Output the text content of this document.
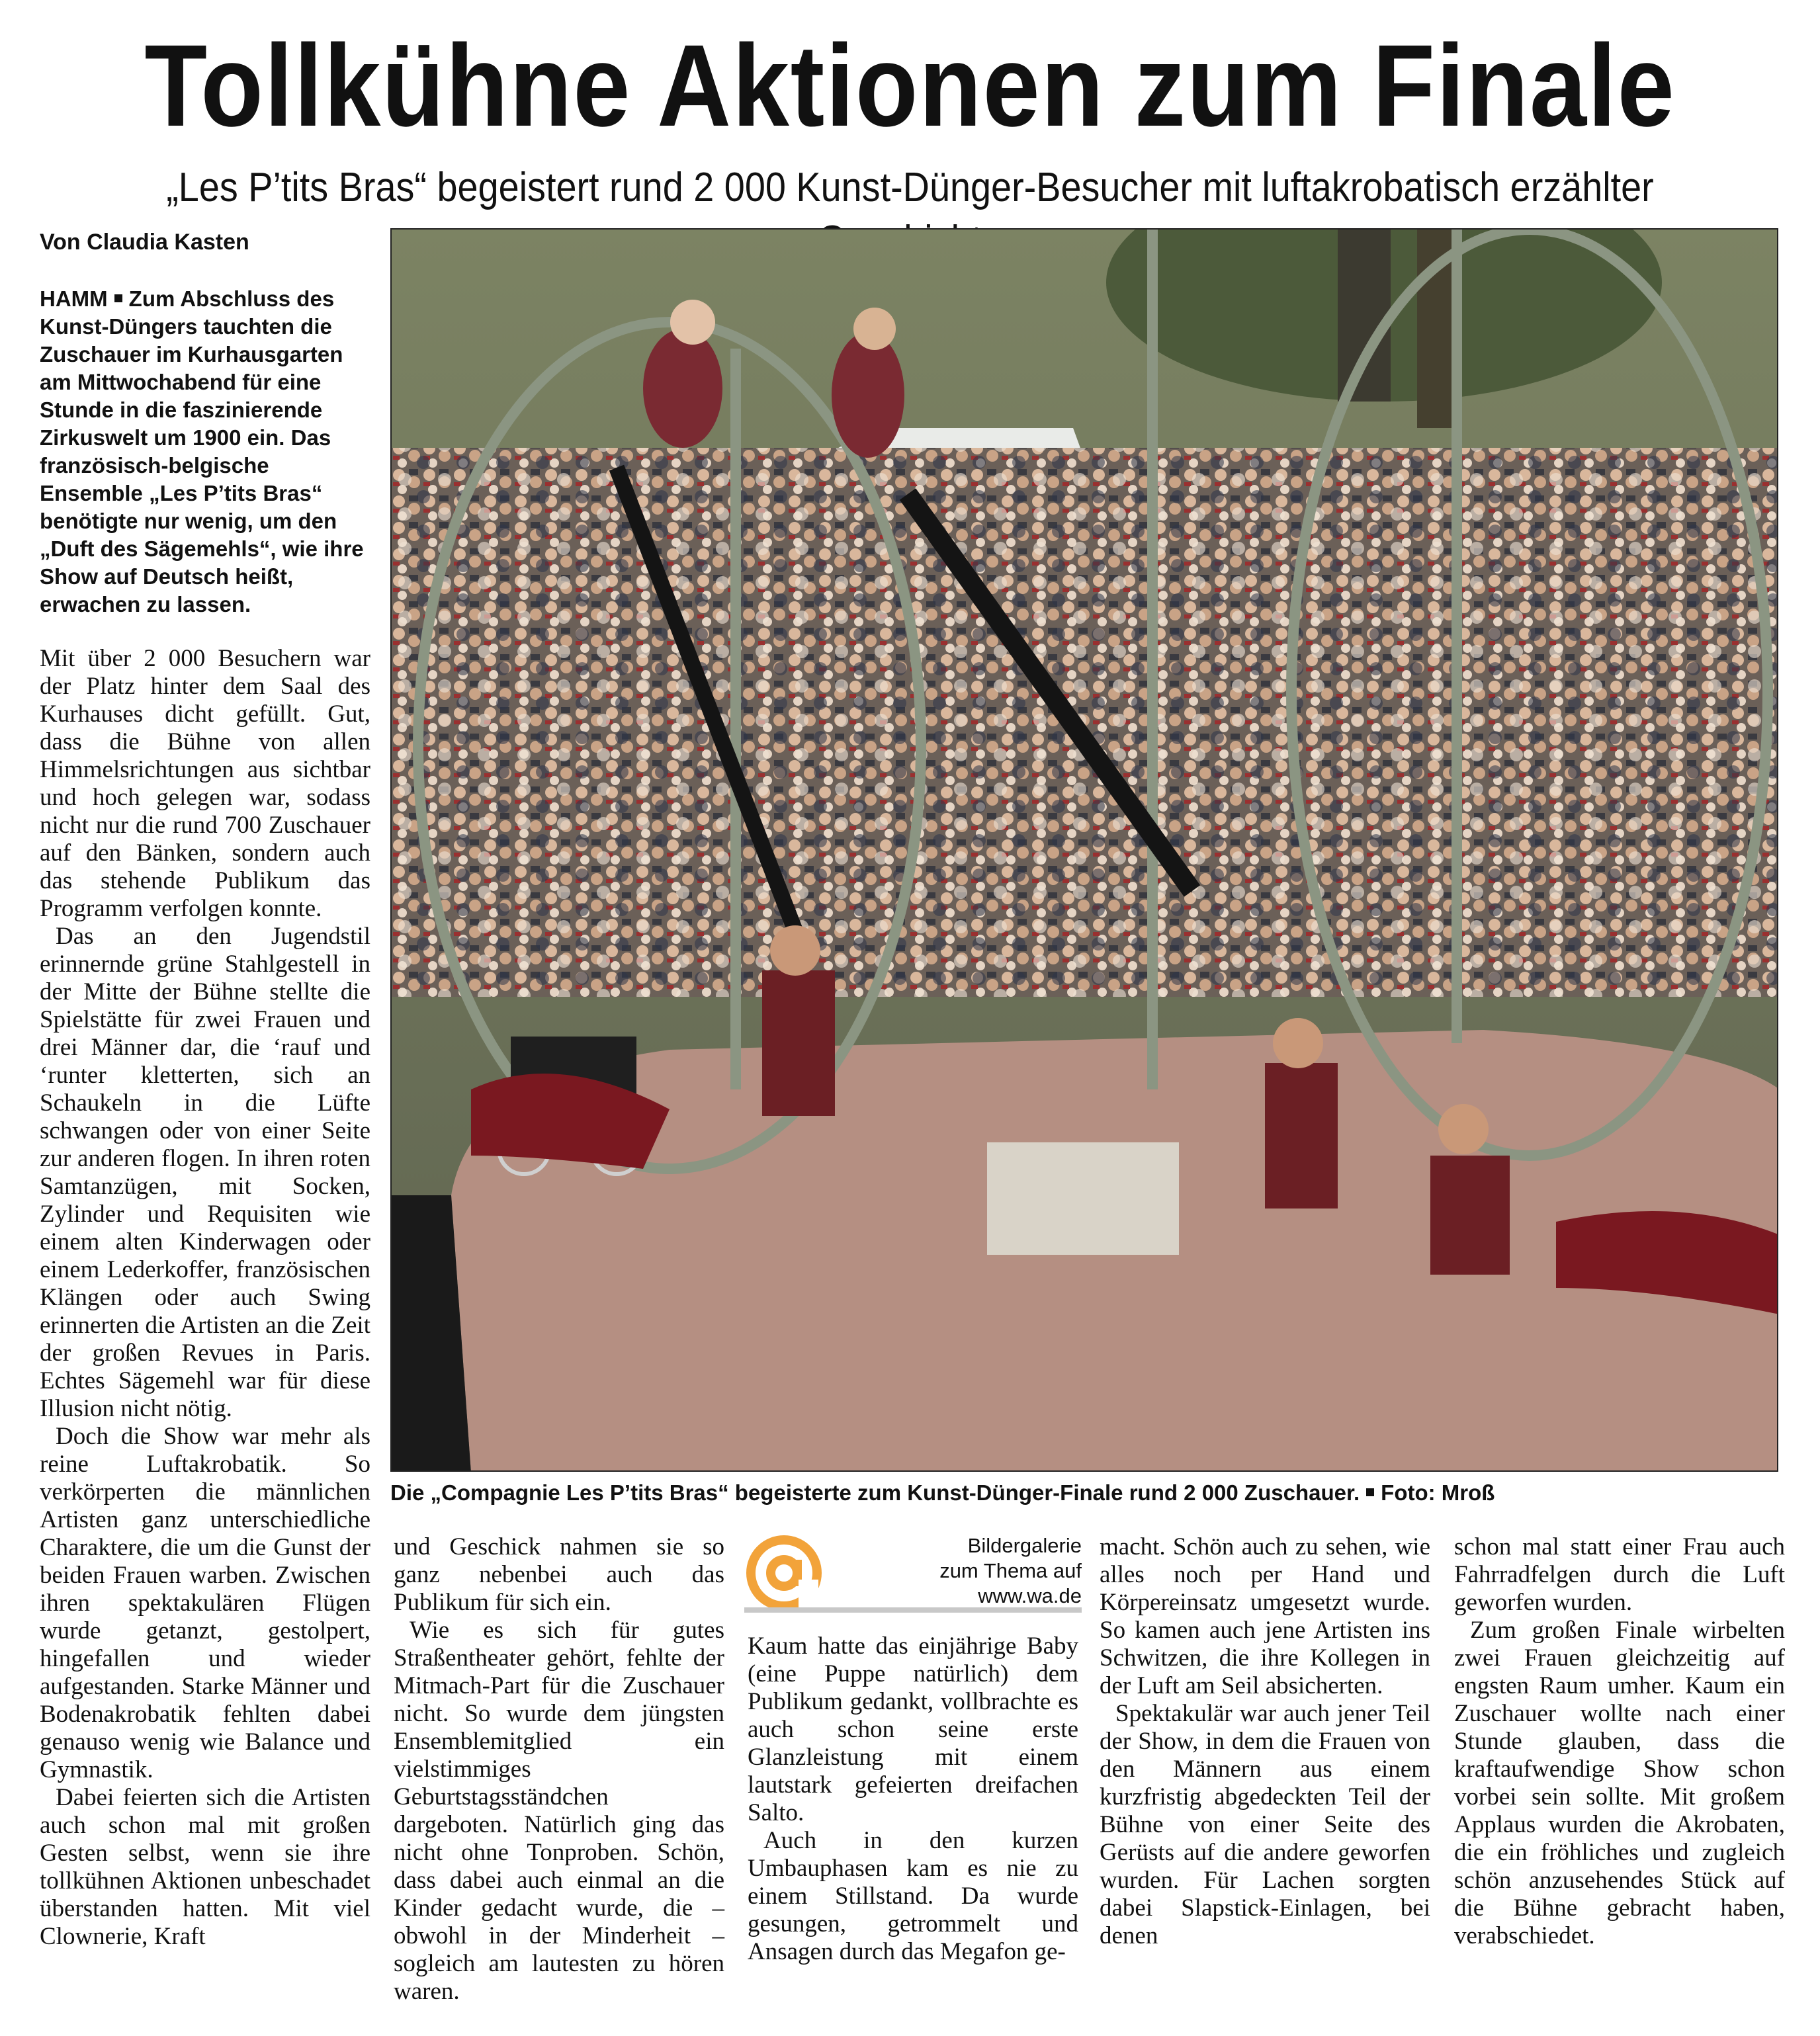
Tollkühne Aktionen zum Finale
„Les P’tits Bras“ begeistert rund 2 000 Kunst-Dünger-Besucher mit luftakrobatisch erzählter
Von Claudia Kasten

HAMM Zum Abschluss des Kunst-Düngers tauchten die Zuschauer im Kurhausgarten am Mittwochabend für eine Stunde in die faszinierende Zirkuswelt um 1900 ein. Das französisch-belgische Ensemble „Les P’tits Bras“ benötigte nur wenig, um den „Duft des Sägemehls“, wie ihre Show auf Deutsch heißt, erwachen zu lassen.

Mit über 2 000 Besuchern war der Platz hinter dem Saal des Kurhauses dicht gefüllt. Gut, dass die Bühne von allen Himmelsrichtungen aus sichtbar und hoch gelegen war, sodass nicht nur die rund 700 Zuschauer auf den Bänken, sondern auch das stehende Publikum das Programm verfolgen konnte.

Das an den Jugendstil erinnernde grüne Stahlgestell in der Mitte der Bühne stellte die Spielstätte für zwei Frauen und drei Männer dar, die ‘rauf und ‘runter kletterten, sich an Schaukeln in die Lüfte schwangen oder von einer Seite zur anderen flogen. In ihren roten Samtanzügen, mit Socken, Zylinder und Requisiten wie einem alten Kinderwagen oder einem Lederkoffer, französischen Klängen oder auch Swing erinnerten die Artisten an die Zeit der großen Revues in Paris. Echtes Sägemehl war für diese Illusion nicht nötig.

Doch die Show war mehr als reine Luftakrobatik. So verkörperten die männlichen Artisten ganz unterschiedliche Charaktere, die um die Gunst der beiden Frauen warben. Zwischen ihren spektakulären Flügen wurde getanzt, gestolpert, hingefallen und wieder aufgestanden. Starke Männer und Bodenakrobatik fehlten dabei genauso wenig wie Balance und Gymnastik.

Dabei feierten sich die Artisten auch schon mal mit großen Gesten selbst, wenn sie ihre tollkühnen Aktionen unbeschadet überstanden hatten. Mit viel Clownerie, Kraft

Die „Compagnie Les P’tits Bras“ begeisterte zum Kunst-Dünger-Finale rund 2 000 Zuschauer. Foto: Mroß

und Geschick nahmen sie so ganz nebenbei auch das Publikum für sich ein.

Wie es sich für gutes Straßentheater gehört, fehlte der Mitmach-Part für die Zuschauer nicht. So wurde dem jüngsten Ensemblemitglied ein vielstimmiges Geburtstagsständchen dargeboten. Natürlich ging das nicht ohne Tonproben. Schön, dass dabei auch einmal an die Kinder gedacht wurde, die – obwohl in der Minderheit – sogleich am lautesten zu hören waren.

Bildergalerie
zum Thema auf
www.wa.de

Kaum hatte das einjährige Baby (eine Puppe natürlich) dem Publikum gedankt, vollbrachte es auch schon seine erste Glanzleistung mit einem lautstark gefeierten dreifachen Salto.

Auch in den kurzen Umbauphasen kam es nie zu einem Stillstand. Da wurde gesungen, getrommelt und Ansagen durch das Megafon ge-

macht. Schön auch zu sehen, wie alles noch per Hand und Körpereinsatz umgesetzt wurde. So kamen auch jene Artisten ins Schwitzen, die ihre Kollegen in der Luft am Seil absicherten.

Spektakulär war auch jener Teil der Show, in dem die Frauen von den Männern aus einem kurzfristig abgedeckten Teil der Bühne von einer Seite des Gerüsts auf die andere geworfen wurden. Für Lachen sorgten dabei Slapstick-Einlagen, bei denen

schon mal statt einer Frau auch Fahrradfelgen durch die Luft geworfen wurden.

Zum großen Finale wirbelten zwei Frauen gleichzeitig auf engsten Raum umher. Kaum ein Zuschauer wollte nach einer Stunde glauben, dass die kraftaufwendige Show schon vorbei sein sollte. Mit großem Applaus wurden die Akrobaten, die ein fröhliches und zugleich schön anzusehendes Stück auf die Bühne gebracht haben, verabschiedet.
